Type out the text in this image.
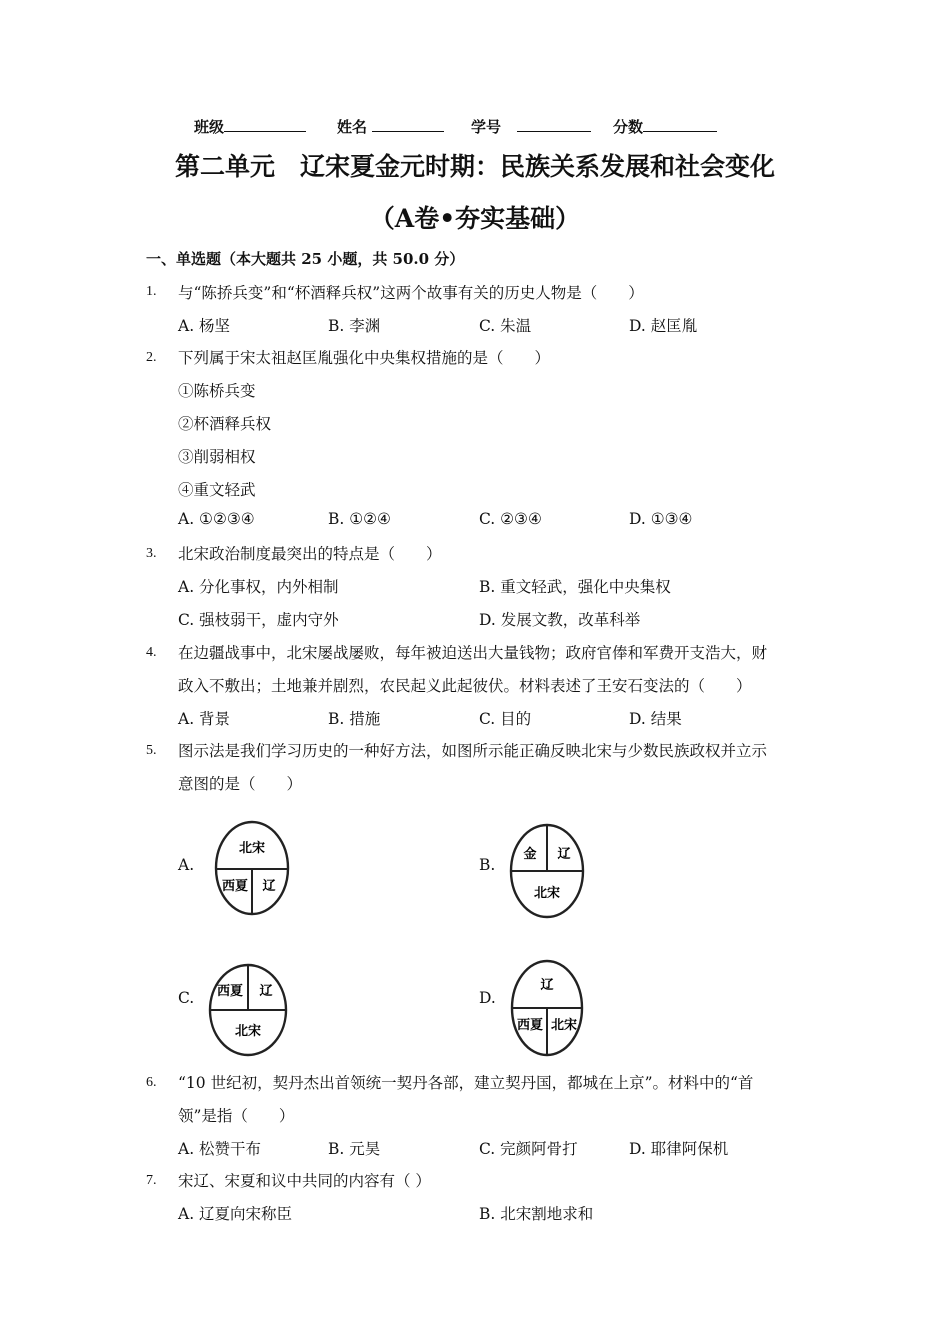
班级	姓名	学号	分数
第二单元　辽宋夏金元时期：民族关系发展和社会变化
（A卷•夯实基础）
一、单选题（本大题共 25 小题，共 50.0 分）
1. 与“陈挢兵变”和“杯酒释兵权”这两个故事有关的历史人物是（　　）
A. 杨坚	B. 李渊	C. 朱温	D. 赵匡胤
2. 下列属于宋太祖赵匡胤强化中央集权措施的是（　　）
①陈桥兵变
②杯酒释兵权
③削弱相权
④重文轻武
A. ①②③④	B. ①②④	C. ②③④	D. ①③④
3. 北宋政治制度最突出的特点是（　　）
A. 分化事权，内外相制	B. 重文轻武，强化中央集权
C. 强枝弱干，虚内守外	D. 发展文教，改革科举
4. 在边疆战事中，北宋屡战屡败，每年被迫送出大量钱物；政府官俸和军费开支浩大，财
政入不敷出；土地兼并剧烈，农民起义此起彼伏。材料表述了王安石变法的（　　）
A. 背景	B. 措施	C. 目的	D. 结果
5. 图示法是我们学习历史的一种好方法，如图所示能正确反映北宋与少数民族政权并立示
意图的是（　　）
A.
北宋
西夏 辽
B.
金 辽
北宋
C. 西夏 辽
北宋
D.
辽
西夏 北宋
6. “10 世纪初，契丹杰出首领统一契丹各部，建立契丹国，都城在上京”。材料中的“首
领”是指（　　）
A. 松赞干布	B. 元昊	C. 完颜阿骨打	D. 耶律阿保机
7. 宋辽、宋夏和议中共同的内容有（ ）
A. 辽夏向宋称臣	B. 北宋割地求和
